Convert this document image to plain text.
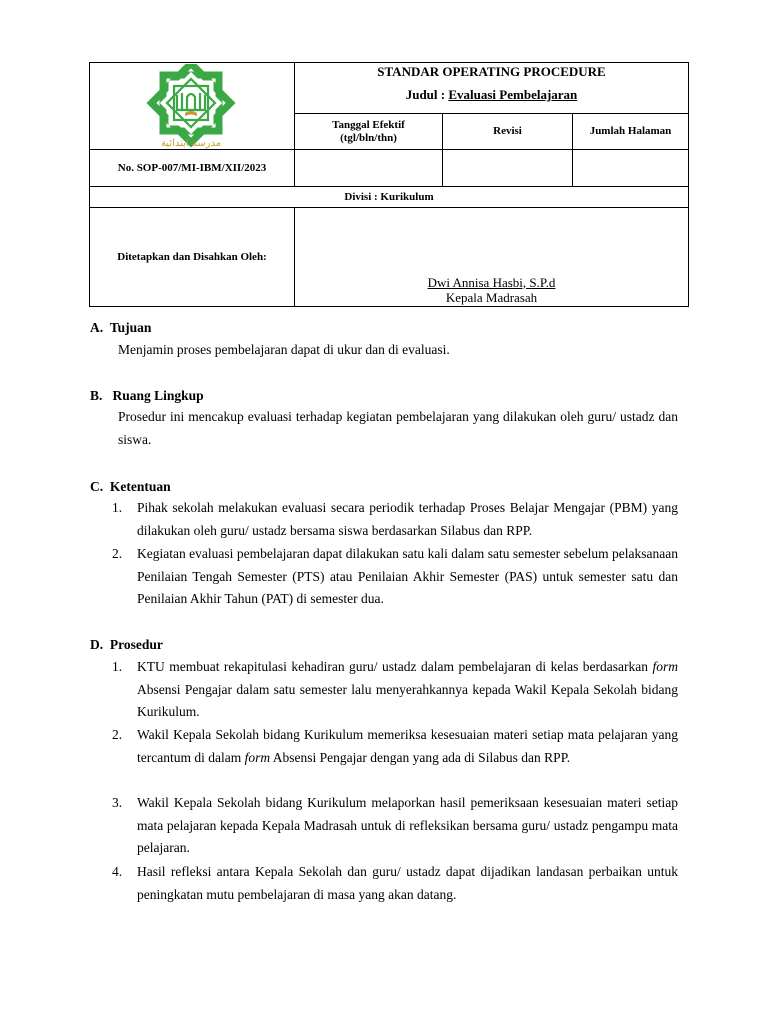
ﻣﺪﺭﺳﺔ ﺍﺑﺘﺪﺍﺋﻴﺔ
STANDAR OPERATING PROCEDURE
Judul : Evaluasi Pembelajaran
Tanggal Efektif
(tgl/bln/thn)
Revisi	Jumlah Halaman
No. SOP-007/MI-IBM/XII/2023
Divisi : Kurikulum
Ditetapkan dan Disahkan Oleh:
Dwi Annisa Hasbi, S.P.d
Kepala Madrasah
A. Tujuan
Menjamin proses pembelajaran dapat di ukur dan di evaluasi.
B. Ruang Lingkup
Prosedur ini mencakup evaluasi terhadap kegiatan pembelajaran yang dilakukan oleh guru/ ustadz dan siswa.
C. Ketentuan
1.	Pihak sekolah melakukan evaluasi secara periodik terhadap Proses Belajar Mengajar (PBM) yang dilakukan oleh guru/ ustadz bersama siswa berdasarkan Silabus dan RPP.
2.	Kegiatan evaluasi pembelajaran dapat dilakukan satu kali dalam satu semester sebelum pelaksanaan Penilaian Tengah Semester (PTS) atau Penilaian Akhir Semester (PAS) untuk semester satu dan Penilaian Akhir Tahun (PAT) di semester dua.
D. Prosedur
1.	KTU membuat rekapitulasi kehadiran guru/ ustadz dalam pembelajaran di kelas berdasarkan form Absensi Pengajar dalam satu semester lalu menyerahkannya kepada Wakil Kepala Sekolah bidang Kurikulum.
2.	Wakil Kepala Sekolah bidang Kurikulum memeriksa kesesuaian materi setiap mata pelajaran yang tercantum di dalam form Absensi Pengajar dengan yang ada di Silabus dan RPP.
3.	Wakil Kepala Sekolah bidang Kurikulum melaporkan hasil pemeriksaan kesesuaian materi setiap mata pelajaran kepada Kepala Madrasah untuk di refleksikan bersama guru/ ustadz pengampu mata pelajaran.
4.	Hasil refleksi antara Kepala Sekolah dan guru/ ustadz dapat dijadikan landasan perbaikan untuk peningkatan mutu pembelajaran di masa yang akan datang.
